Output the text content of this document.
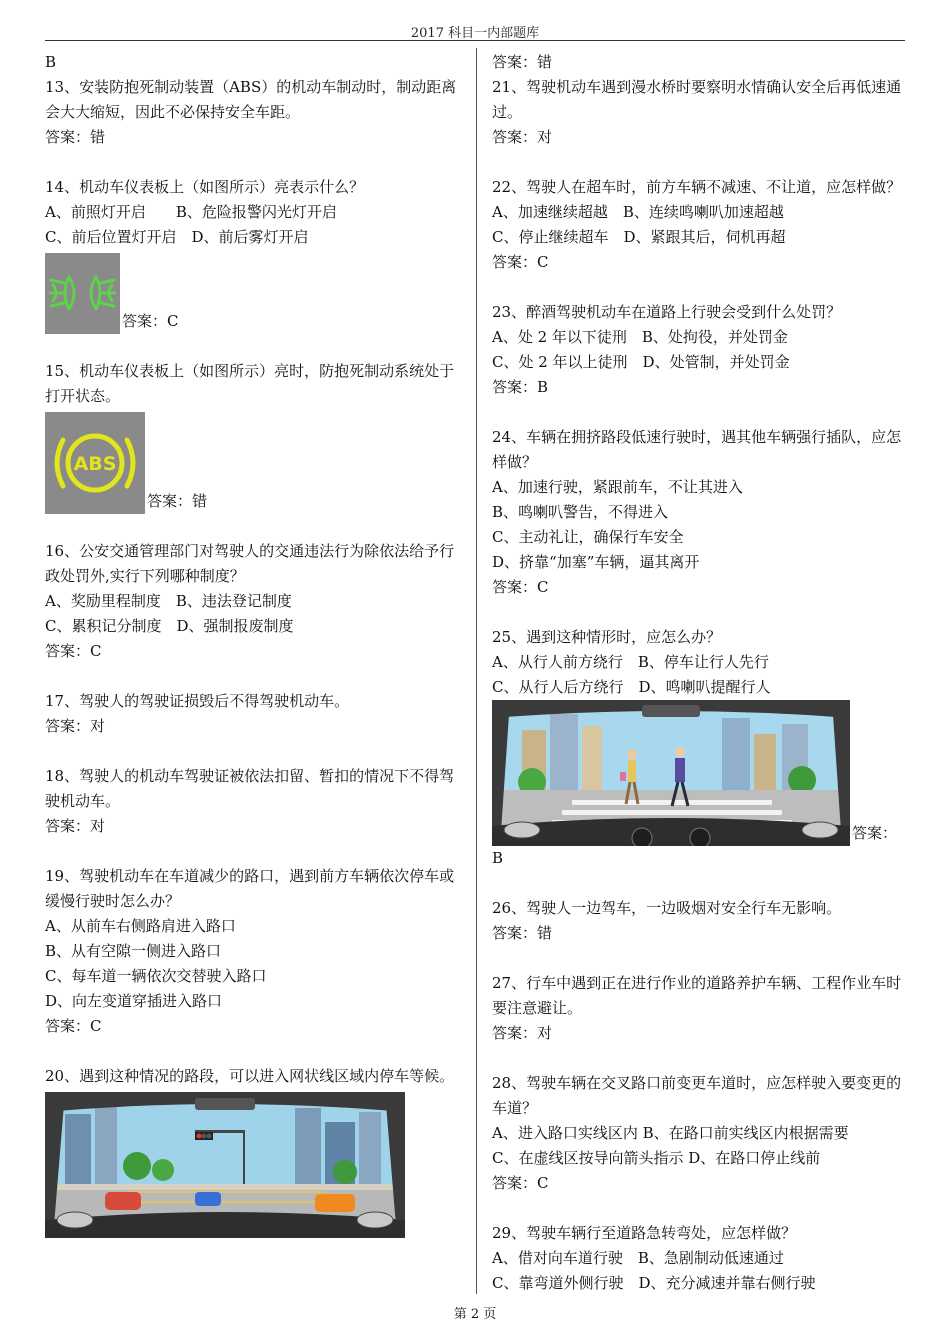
2017 科目一内部题库

B

13、安装防抱死制动装置（ABS）的机动车制动时，制动距离会大大缩短，因此不必保持安全车距。

答案：错

14、机动车仪表板上（如图所示）亮表示什么？

A、前照灯开启　　B、危险报警闪光灯开启

C、前后位置灯开启　D、前后雾灯开启

答案：C

15、机动车仪表板上（如图所示）亮时，防抱死制动系统处于打开状态。

ABS
答案：错

16、公安交通管理部门对驾驶人的交通违法行为除依法给予行政处罚外,实行下列哪种制度？

A、奖励里程制度　B、违法登记制度

C、累积记分制度　D、强制报废制度

答案：C

17、驾驶人的驾驶证损毁后不得驾驶机动车。

答案：对

18、驾驶人的机动车驾驶证被依法扣留、暂扣的情况下不得驾驶机动车。

答案：对

19、驾驶机动车在车道减少的路口，遇到前方车辆依次停车或缓慢行驶时怎么办？

A、从前车右侧路肩进入路口

B、从有空隙一侧进入路口

C、每车道一辆依次交替驶入路口

D、向左变道穿插进入路口

答案：C

20、遇到这种情况的路段，可以进入网状线区域内停车等候。

答案：错

21、驾驶机动车遇到漫水桥时要察明水情确认安全后再低速通过。

答案：对

22、驾驶人在超车时，前方车辆不减速、不让道，应怎样做？

A、加速继续超越　B、连续鸣喇叭加速超越

C、停止继续超车　D、紧跟其后，伺机再超

答案：C

23、醉酒驾驶机动车在道路上行驶会受到什么处罚？

A、处 2 年以下徒刑　B、处拘役，并处罚金

C、处 2 年以上徒刑　D、处管制，并处罚金

答案：B

24、车辆在拥挤路段低速行驶时，遇其他车辆强行插队，应怎样做？

A、加速行驶，紧跟前车，不让其进入

B、鸣喇叭警告，不得进入

C、主动礼让，确保行车安全

D、挤靠“加塞”车辆，逼其离开

答案：C

25、遇到这种情形时，应怎么办？

A、从行人前方绕行　B、停车让行人先行

C、从行人后方绕行　D、鸣喇叭提醒行人

答案：

B

26、驾驶人一边驾车，一边吸烟对安全行车无影响。

答案：错

27、行车中遇到正在进行作业的道路养护车辆、工程作业车时要注意避让。

答案：对

28、驾驶车辆在交叉路口前变更车道时，应怎样驶入要变更的车道？

A、进入路口实线区内 B、在路口前实线区内根据需要

C、在虚线区按导向箭头指示 D、在路口停止线前

答案：C

29、驾驶车辆行至道路急转弯处，应怎样做？

A、借对向车道行驶　B、急剧制动低速通过

C、靠弯道外侧行驶　D、充分减速并靠右侧行驶

第 2 页
